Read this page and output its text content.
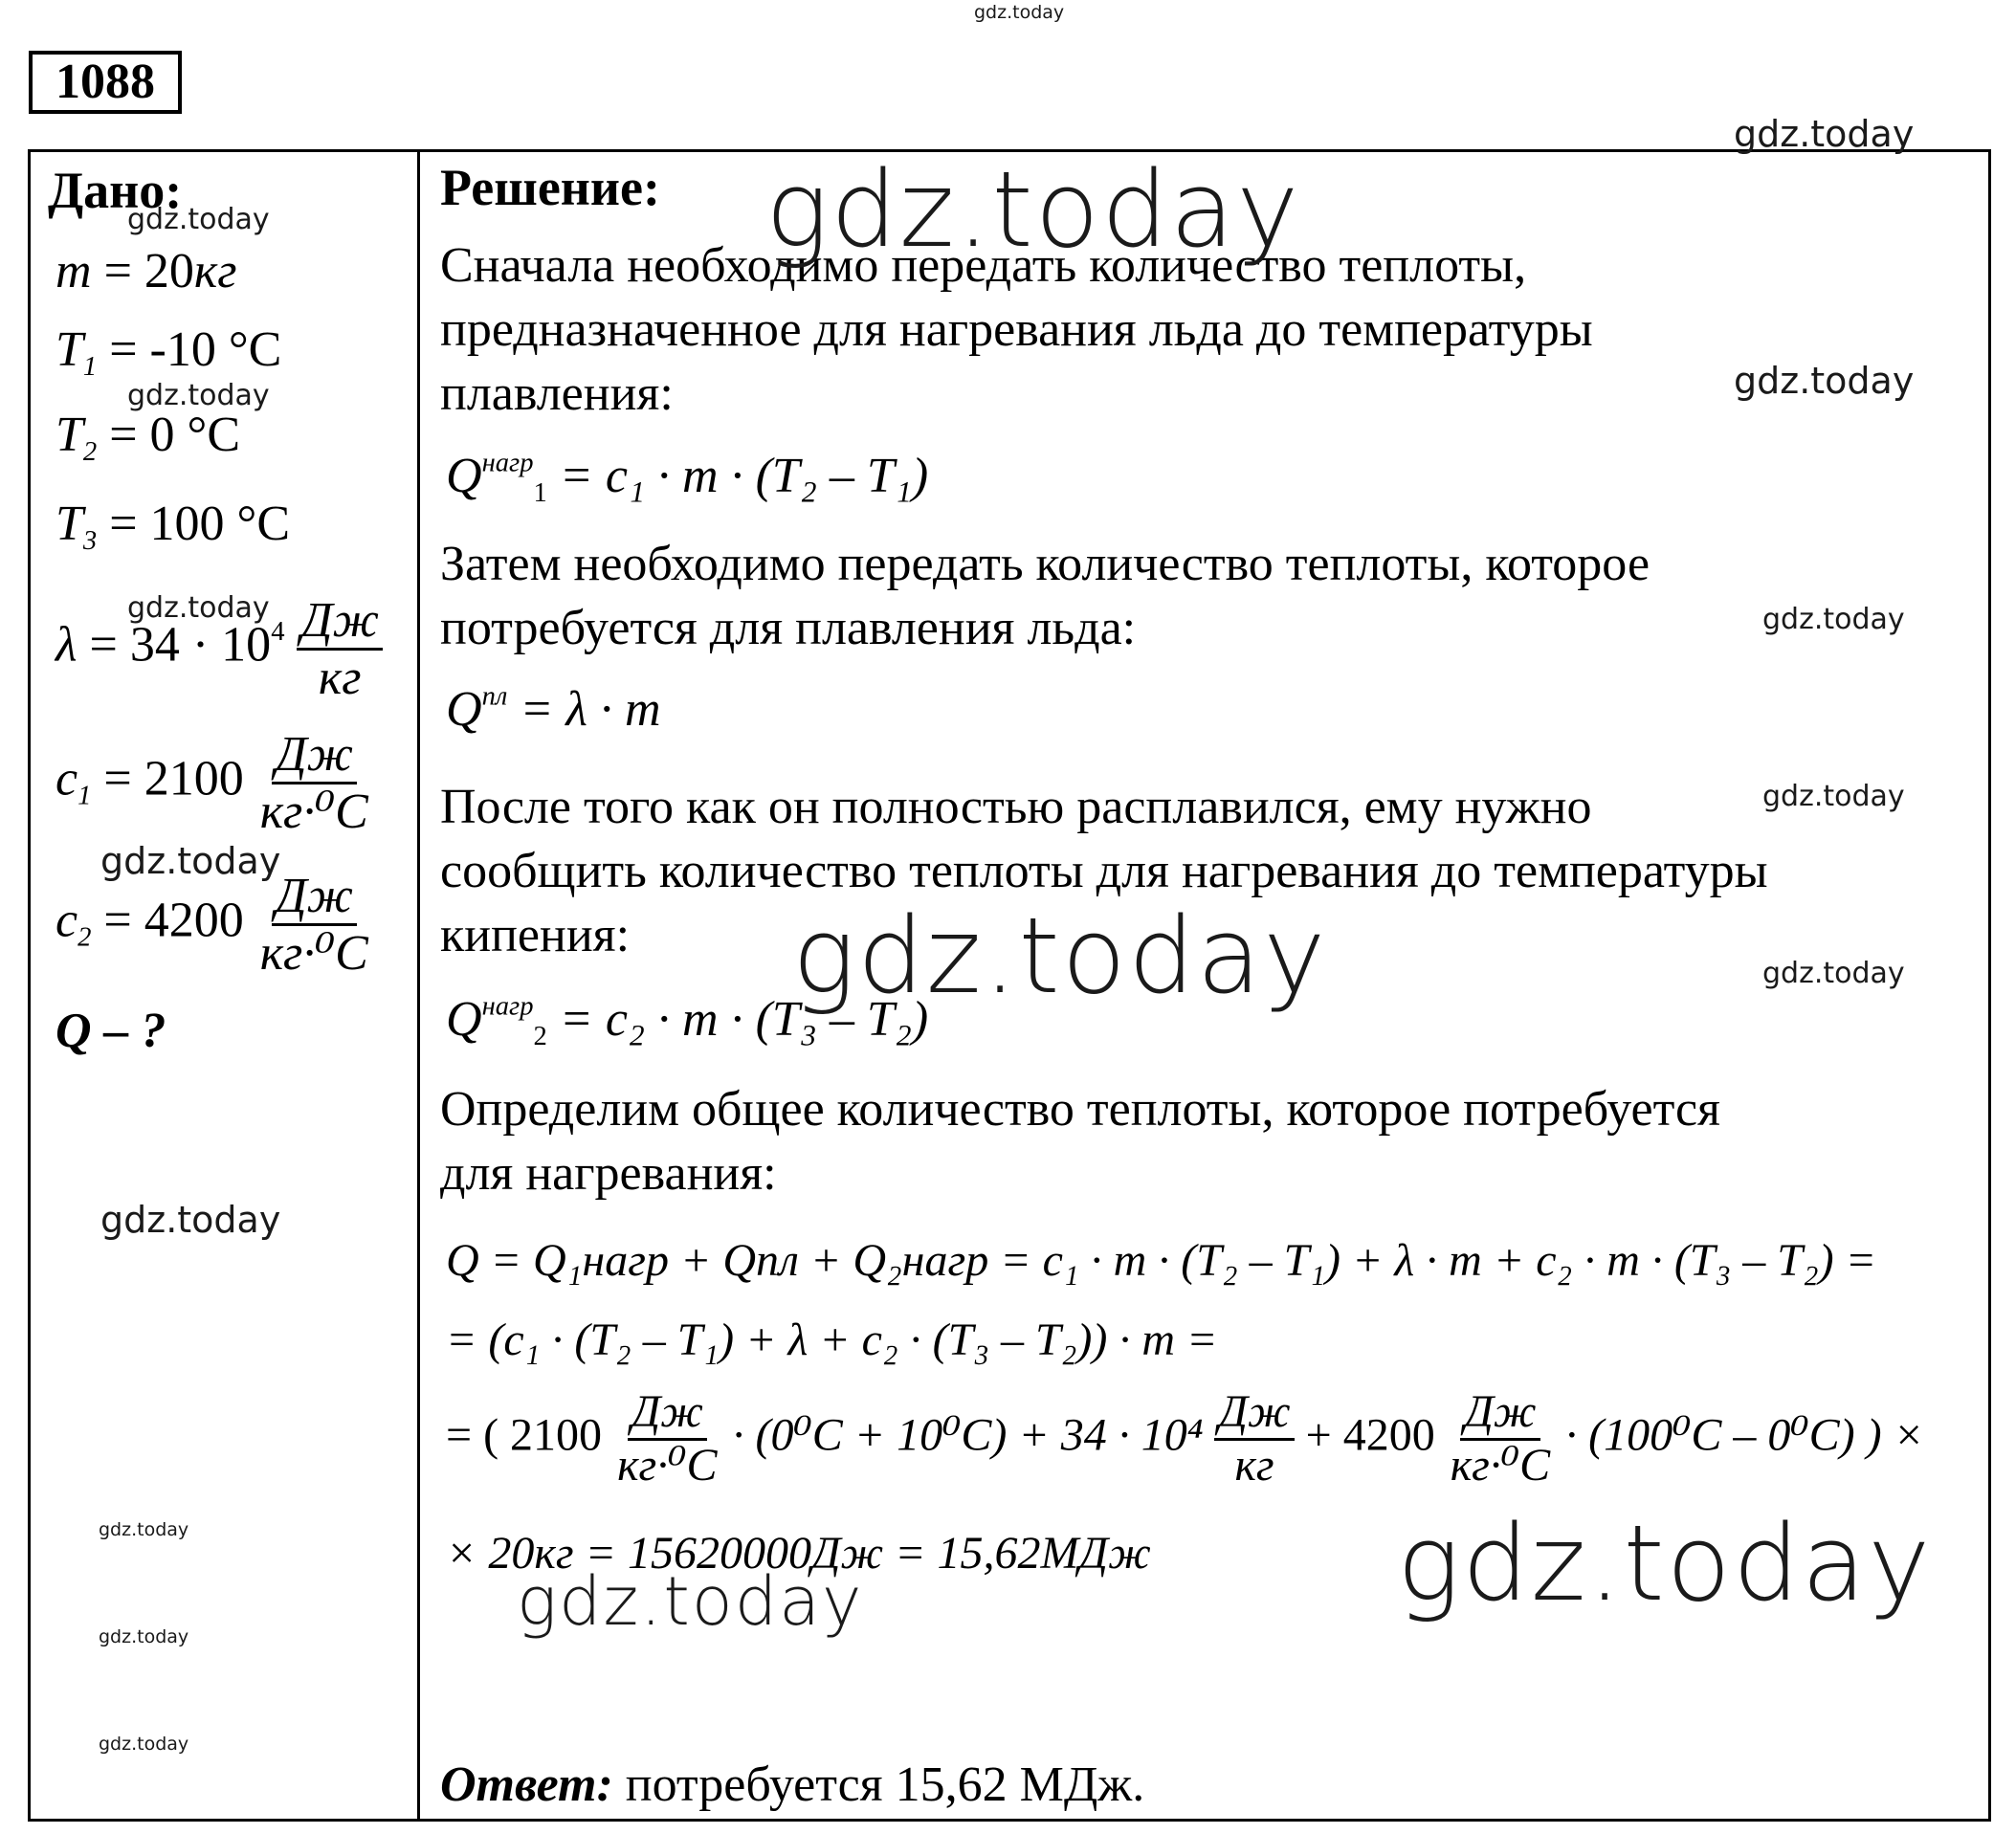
1088
Дано:
m = 20кг
$T_1 = -10$ °C
$T_2 = 0$ °C
$T_3 = 100$ °C
$\lambda = 34 \cdot 10^4 \frac{Дж}{кг}$
$c_1 = 2100 \frac{Дж}{\text{кг·⁰C}}$
$c_2 = 4200 \frac{Дж}{\text{кг·⁰C}}$
Q – ?
Решение:
Сначала необходимо передать количество теплоты,
предназначенное для нагревания льда до температуры
плавления:
$Q^{нагр}_1 = c_1 \cdot m \cdot (T_2 - T_1)$
Затем необходимо передать количество теплоты, которое
потребуется для плавления льда:
$Q^{пл} = \lambda \cdot m$
После того как он полностью расплавился, ему нужно
сообщить количество теплоты для нагревания до температуры
кипения:
$Q^{нагр}_2 = c_2 \cdot m \cdot (T_3 - T_2)$
Определим общее количество теплоты, которое потребуется
для нагревания:
Q = Q₁нагр + Qпл + Q₂нагр = c₁ · m · (T₂ – T₁) + λ · m + c₂ · m · (T₃ – T₂) =
= (c₁ · (T₂ – T₁) + λ + c₂ · (T₃ – T₂)) · m =
= ( $2100 \frac{Дж}{\text{кг·⁰C}} \cdot (0^0C + 10^0C) + 34 \cdot 10^4 \frac{Дж}{кг} + 4200 \frac{Дж}{\text{кг·⁰C}} \cdot (100^0C - 0^0C)$ ) ×
× 20кг = 15620000Дж = 15,62МДж
Ответ: потребуется 15,62 МДж.
gdz.today
gdz.today
gdz.today	gdz.today
gdz.today
gdz.today
gdz.today	gdz.today
gdz.today
gdz.today
gdz.today	gdz.today
gdz.today
gdz.today	gdz.today
gdz.today
gdz.today
gdz.today
